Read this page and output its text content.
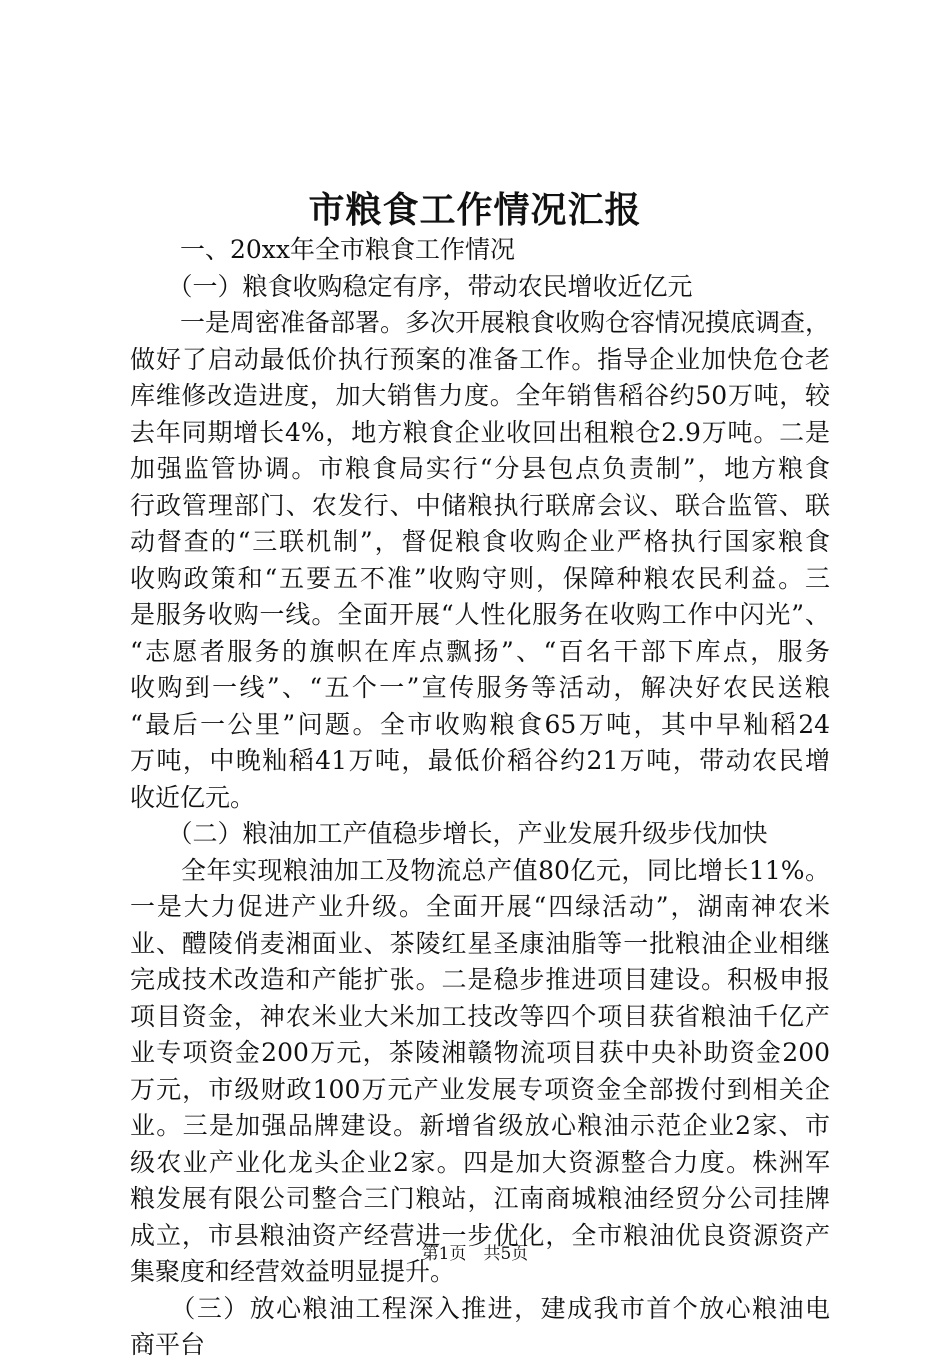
市粮食工作情况汇报
　　一、20xx年全市粮食工作情况
　　（一）粮食收购稳定有序，带动农民增收近亿元
　　一是周密准备部署。多次开展粮食收购仓容情况摸底调查，
做好了启动最低价执行预案的准备工作。指导企业加快危仓老
库维修改造进度，加大销售力度。全年销售稻谷约50万吨，较
去年同期增长4%，地方粮食企业收回出租粮仓2.9万吨。二是
加强监管协调。市粮食局实行“分县包点负责制”，地方粮食
行政管理部门、农发行、中储粮执行联席会议、联合监管、联
动督查的“三联机制”，督促粮食收购企业严格执行国家粮食
收购政策和“五要五不准”收购守则，保障种粮农民利益。三
是服务收购一线。全面开展“人性化服务在收购工作中闪光”、
“志愿者服务的旗帜在库点飘扬”、“百名干部下库点，服务
收购到一线”、“五个一”宣传服务等活动，解决好农民送粮
“最后一公里”问题。全市收购粮食65万吨，其中早籼稻24
万吨，中晚籼稻41万吨，最低价稻谷约21万吨，带动农民增
收近亿元。
　　（二）粮油加工产值稳步增长，产业发展升级步伐加快
　　全年实现粮油加工及物流总产值80亿元，同比增长11%。
一是大力促进产业升级。全面开展“四绿活动”，湖南神农米
业、醴陵俏麦湘面业、茶陵红星圣康油脂等一批粮油企业相继
完成技术改造和产能扩张。二是稳步推进项目建设。积极申报
项目资金，神农米业大米加工技改等四个项目获省粮油千亿产
业专项资金200万元，茶陵湘赣物流项目获中央补助资金200
万元，市级财政100万元产业发展专项资金全部拨付到相关企
业。三是加强品牌建设。新增省级放心粮油示范企业2家、市
级农业产业化龙头企业2家。四是加大资源整合力度。株洲军
粮发展有限公司整合三门粮站，江南商城粮油经贸分公司挂牌
成立，市县粮油资产经营进一步优化，全市粮油优良资源资产
集聚度和经营效益明显提升。
　　（三）放心粮油工程深入推进，建成我市首个放心粮油电
商平台
第1页　共5页
